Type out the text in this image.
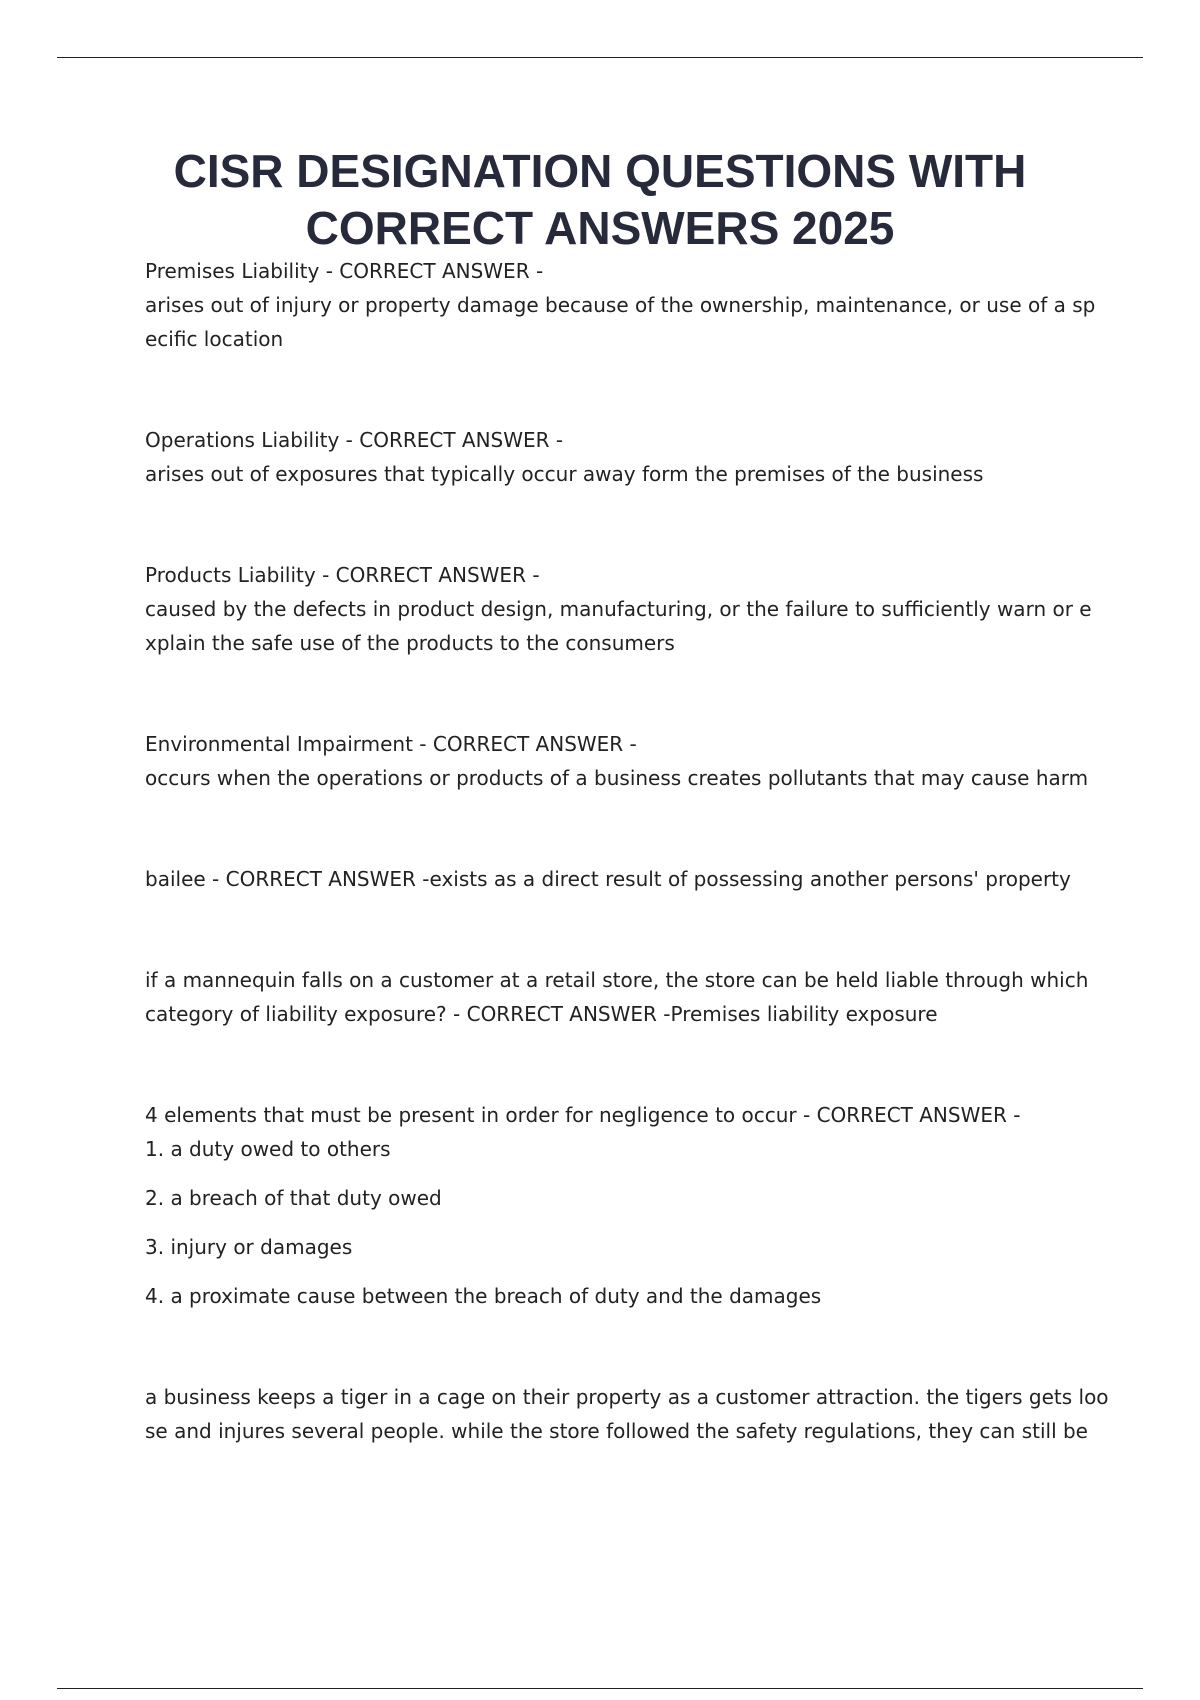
CISR DESIGNATION QUESTIONS WITH
CORRECT ANSWERS 2025
Premises Liability - CORRECT ANSWER -
arises out of injury or property damage because of the ownership, maintenance, or use of a sp
ecific location
Operations Liability - CORRECT ANSWER -
arises out of exposures that typically occur away form the premises of the business
Products Liability - CORRECT ANSWER -
caused by the defects in product design, manufacturing, or the failure to sufficiently warn or e
xplain the safe use of the products to the consumers
Environmental Impairment - CORRECT ANSWER -
occurs when the operations or products of a business creates pollutants that may cause harm
bailee - CORRECT ANSWER -exists as a direct result of possessing another persons' property
if a mannequin falls on a customer at a retail store, the store can be held liable through which
category of liability exposure? - CORRECT ANSWER -Premises liability exposure
4 elements that must be present in order for negligence to occur - CORRECT ANSWER -
1. a duty owed to others
2. a breach of that duty owed
3. injury or damages
4. a proximate cause between the breach of duty and the damages
a business keeps a tiger in a cage on their property as a customer attraction. the tigers gets loo
se and injures several people. while the store followed the safety regulations, they can still be
